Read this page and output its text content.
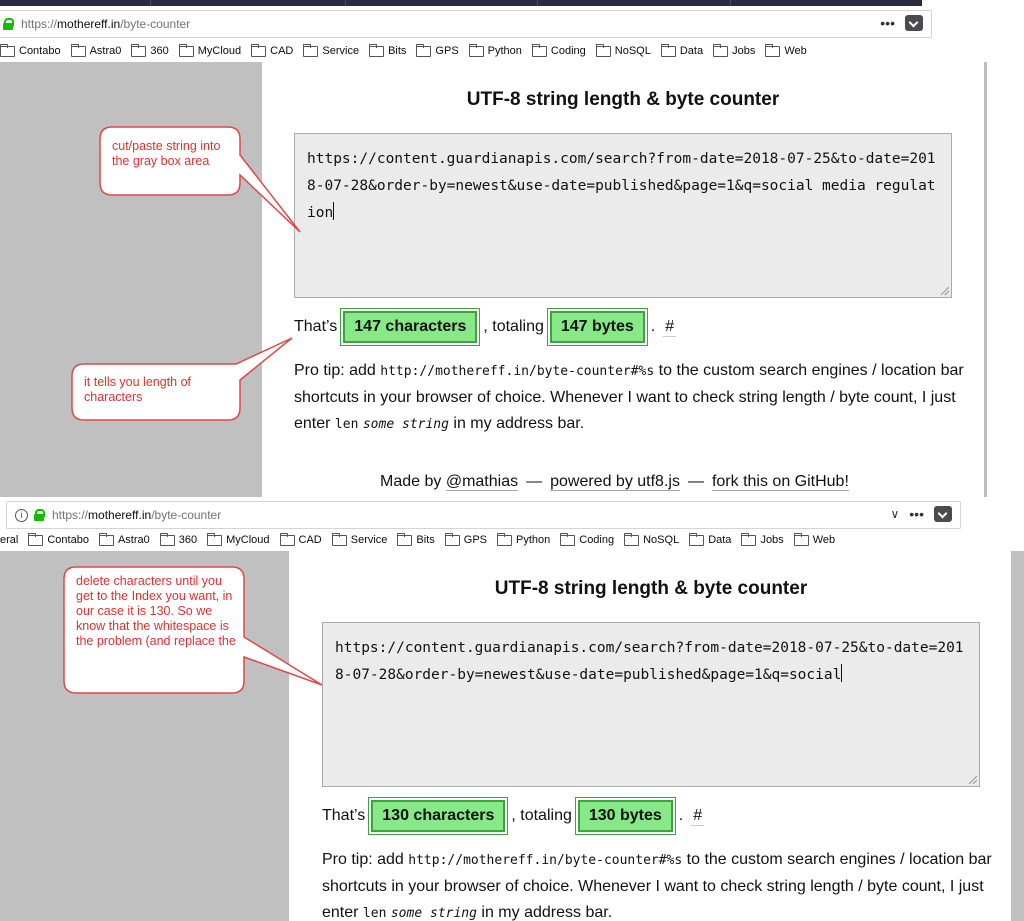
https:// mothereff.in /byte-counter	•••
Contabo	Astra0	360	MyCloud	CAD	Service	Bits	GPS	Python	Coding	NoSQL	Data	Jobs	Web
UTF-8 string length & byte counter
https://content.guardianapis.com/search?from-date=2018-07-25&to-date=2018-07-28&order-by=newest&use-date=published&page=1&q=social media regulation
That’s	147 characters	, totaling	147 bytes	. #

Pro tip: add http://mothereff.in/byte-counter#%s to the custom search engines / location bar shortcuts in your browser of choice. Whenever I want to check string length / byte count, I just enter len some string in my address bar.

Made by @mathias — powered by utf8.js — fork this on GitHub!
cut/paste string into the gray box area
it tells you length of characters
i	https:// mothereff.in /byte-counter	∨ •••
eral	Contabo	Astra0	360	MyCloud	CAD	Service	Bits	GPS	Python	Coding	NoSQL	Data	Jobs	Web
UTF-8 string length & byte counter
https://content.guardianapis.com/search?from-date=2018-07-25&to-date=2018-07-28&order-by=newest&use-date=published&page=1&q=social
That’s	130 characters	, totaling	130 bytes	. #

Pro tip: add http://mothereff.in/byte-counter#%s to the custom search engines / location bar shortcuts in your browser of choice. Whenever I want to check string length / byte count, I just enter len some string in my address bar.

delete characters until you get to the Index you want, in our case it is 130. So we know that the whitespace is the problem (and replace the
